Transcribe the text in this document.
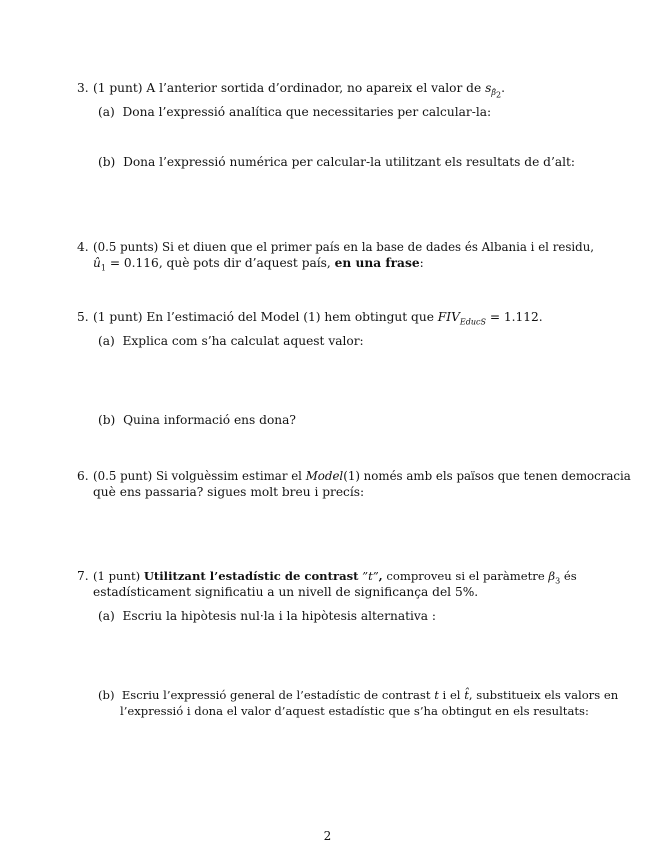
3. (1 punt) A l’anterior sortida d’ordinador, no apareix el valor de $s_{\betâ_2}$.
(a) Dona l’expressió analítica que necessitaries per calcular-la:
(b) Dona l’expressió numérica per calcular-la utilitzant els resultats de d’alt:
4. (0.5 punts) Si et diuen que el primer país en la base de dades és Albania i el residu,
$û_1 = 0.116$, què pots dir d’aquest país, en una frase:
5. (1 punt) En l’estimació del Model (1) hem obtingut que $FIV_{EducS} = 1.112$.
(a) Explica com s’ha calculat aquest valor:
(b) Quina informació ens dona?
6. (0.5 punt) Si volguèssim estimar el Model(1) només amb els països que tenen democracia
què ens passaria? sigues molt breu i precís:
7. (1 punt) Utilitzant l’estadístic de contrast ”t”, comproveu si el paràmetre $\beta_3$ és
estadísticament significatiu a un nivell de significança del 5%.
(a) Escriu la hipòtesis nul·la i la hipòtesis alternativa :
(b) Escriu l’expressió general de l’estadístic de contrast t i el t̂, substitueix els valors en
l’expressió i dona el valor d’aquest estadístic que s’ha obtingut en els resultats:
2
